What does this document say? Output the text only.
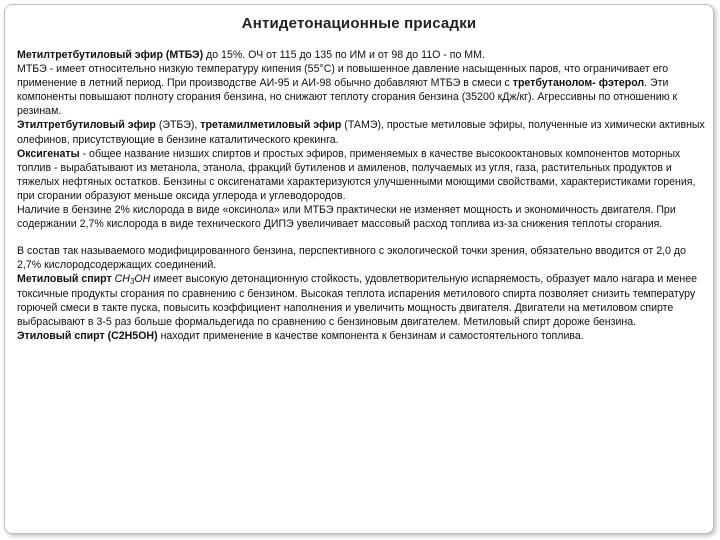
Антидетонационные присадки

Метилтретбутиловый эфир (МТБЭ) до 15%. ОЧ от 115 до 135 по ИМ и от 98 до 11О - по ММ.
МТБЭ - имеет относительно низкую температуру кипения (55°С) и повышенное давление насыщенных паров, что ограничивает его применение в летний период. При производстве АИ-95 и АИ-98 обычно добавляют МТБЭ в смеси с третбутанолом- фэтерол. Эти компоненты повышают полноту сгорания бензина, но снижают теплоту сгорания бензина (35200 кДж/кг). Агрессивны по отношению к резинам.

Этилтретбутиловый эфир (ЭТБЭ), третамилметиловый эфир (ТАМЭ), простые метиловые эфиры, полученные из химически активных олефинов, присутствующие в бензине каталитического крекинга.

Оксигенаты - общее название низших спиртов и простых эфиров, применяемых в качестве высокооктановых компонентов моторных топлив - вырабатывают из метанола, этанола, фракций бутиленов и амиленов, получаемых из угля, газа, растительных продуктов и тяжелых нефтяных остатков. Бензины с оксигенатами характеризуются улучшенными моющими свойствами, характеристиками горения, при сгорании образуют меньше оксида углерода и углеводородов.

Наличие в бензине 2% кислорода в виде «оксинола» или МТБЭ практически не изменяет мощность и экономичность двигателя. При содержании 2,7% кислорода в виде технического ДИПЭ увеличивает массовый расход топлива из-за снижения теплоты сгорания.

В состав так называемого модифицированного бензина, перспективного с экологической точки зрения, обязательно вводится от 2,0 до 2,7% кислородсодержащих соединений.

Метиловый спирт $CH_3OH$ имеет высокую детонационную стойкость, удовлетворительную испаряемость, образует мало нагара и менее токсичные продукты сгорания по сравнению с бензином. Высокая теплота испарения метилового спирта позволяет снизить температуру горючей смеси в такте пуска, повысить коэффициент наполнения и увеличить мощность двигателя. Двигатели на метиловом спирте выбрасывают в 3-5 раз больше формальдегида по сравнению с бензиновым двигателем. Метиловый спирт дороже бензина.

Этиловый спирт (С2Н5ОН) находит применение в качестве компонента к бензинам и самостоятельного топлива.
